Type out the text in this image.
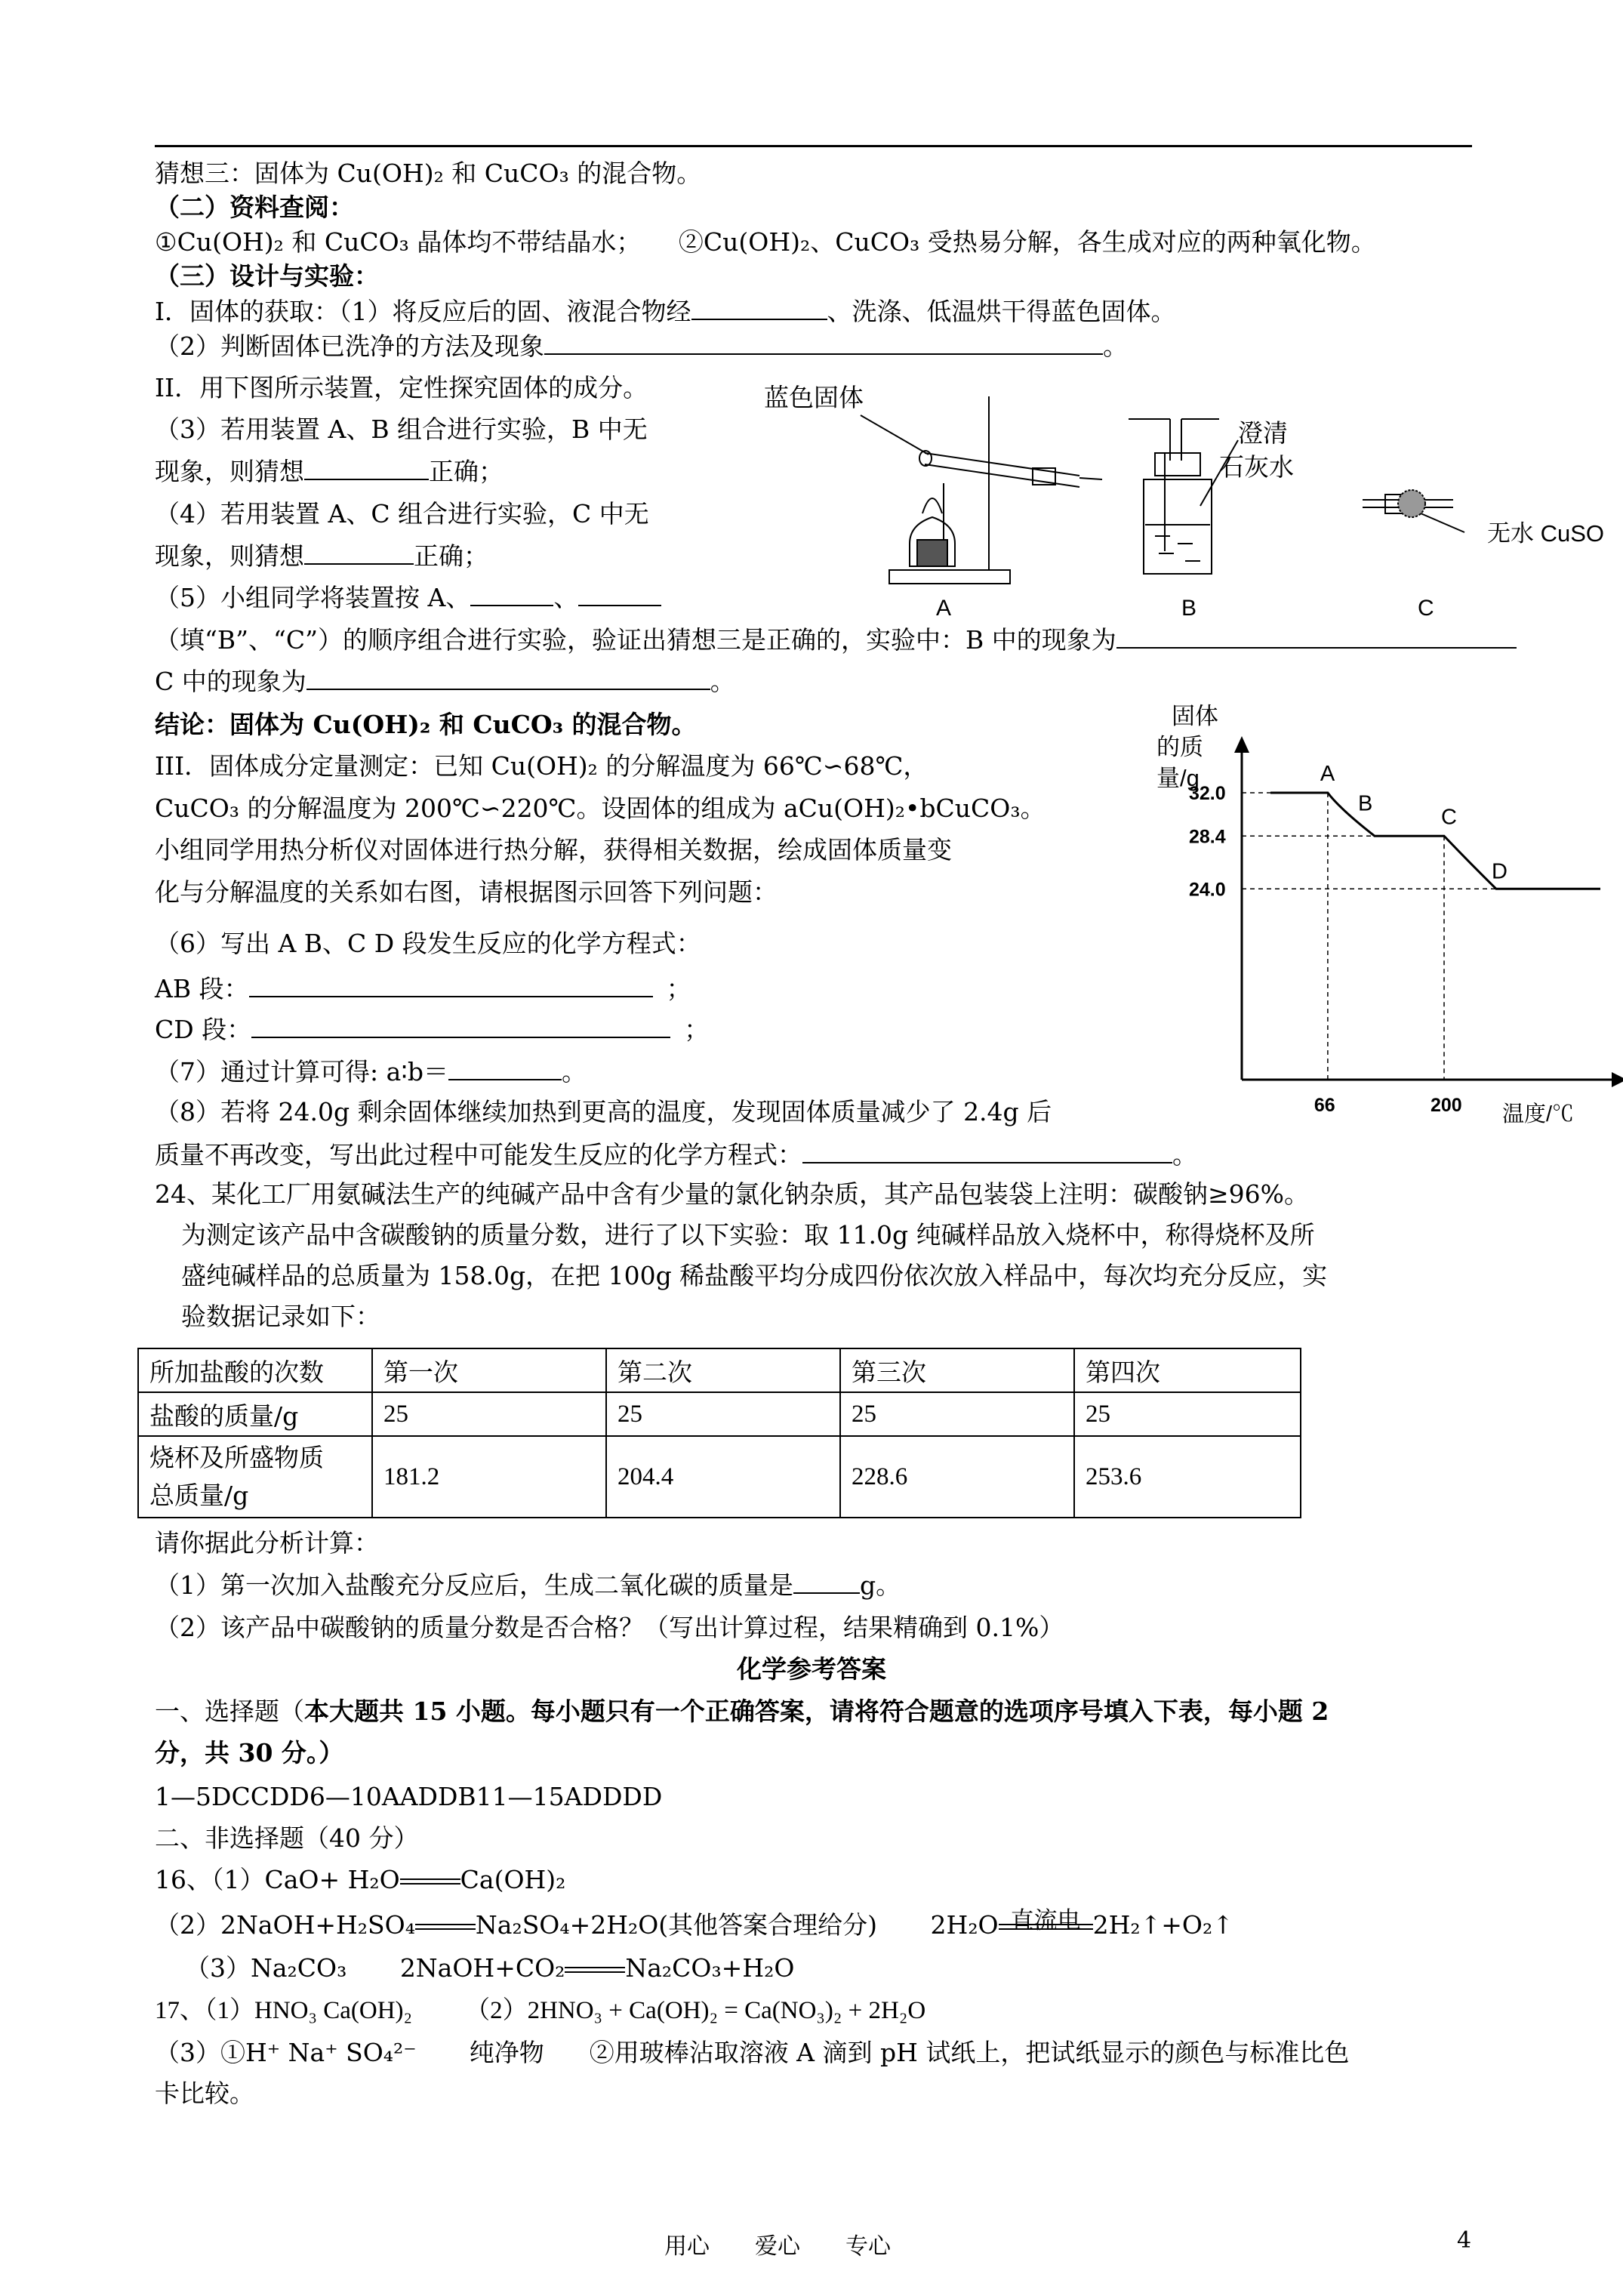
猜想三：固体为 Cu(OH)₂ 和 CuCO₃ 的混合物。
（二）资料查阅：
①Cu(OH)₂ 和 CuCO₃ 晶体均不带结晶水；　　②Cu(OH)₂、CuCO₃ 受热易分解，各生成对应的两种氧化物。
（三）设计与实验：
Ⅰ．固体的获取：（1）将反应后的固、液混合物经	、洗涤、低温烘干得蓝色固体。
（2）判断固体已洗净的方法及现象	。
II．用下图所示装置，定性探究固体的成分。
（3）若用装置 A、B 组合进行实验，B 中无
现象，则猜想	正确；
（4）若用装置 A、C 组合进行实验，C 中无
现象，则猜想	正确；
（5）小组同学将装置按 A、	、
（填“B”、“C”）的顺序组合进行实验，验证出猜想三是正确的，实验中：B 中的现象为
C 中的现象为	。
结论：固体为 Cu(OH)₂ 和 CuCO₃ 的混合物。
III．固体成分定量测定：已知 Cu(OH)₂ 的分解温度为 66℃∽68℃，
CuCO₃ 的分解温度为 200℃∽220℃。设固体的组成为 aCu(OH)₂•bCuCO₃。
小组同学用热分析仪对固体进行热分解，获得相关数据，绘成固体质量变
化与分解温度的关系如右图，请根据图示回答下列问题：
（6）写出 A B、C D 段发生反应的化学方程式：
AB 段：	；
CD 段：	；
（7）通过计算可得: a∶b＝	。
（8）若将 24.0g 剩余固体继续加热到更高的温度，发现固体质量减少了 2.4g 后
质量不再改变，写出此过程中可能发生反应的化学方程式：	。
24、某化工厂用氨碱法生产的纯碱产品中含有少量的氯化钠杂质，其产品包装袋上注明：碳酸钠≥96%。
为测定该产品中含碳酸钠的质量分数，进行了以下实验：取 11.0g 纯碱样品放入烧杯中，称得烧杯及所
盛纯碱样品的总质量为 158.0g，在把 100g 稀盐酸平均分成四份依次放入样品中，每次均充分反应，实
验数据记录如下：
所加盐酸的次数	第一次	第二次	第三次	第四次
盐酸的质量/g	25	25	25	25

烧杯及所盛物质
总质量/g	181.2	204.4	228.6	253.6
请你据此分析计算：
（1）第一次加入盐酸充分反应后，生成二氧化碳的质量是	g。
（2）该产品中碳酸钠的质量分数是否合格？（写出计算过程，结果精确到 0.1%）
化学参考答案
一、选择题（本大题共 15 小题。每小题只有一个正确答案，请将符合题意的选项序号填入下表，每小题 2
分，共 30 分。）
1—5DCCDD6—10AADDB11—15ADDDD
二、非选择题（40 分）
16、（1）CaO+ H₂O Ca(OH)₂
（2）2NaOH+H₂SO₄ Na₂SO₄+2H₂O(其他答案合理给分) 2H₂O 直流电 2H₂↑+O₂↑
（3）Na₂CO₃ 2NaOH+CO₂ Na₂CO₃+H₂O
17、（1）HNO₃ Ca(OH)₂ （2）2HNO₃ + Ca(OH)₂ = Ca(NO₃)₂ + 2H₂O
（3）①H⁺ Na⁺ SO₄²⁻ 纯净物 ②用玻棒沾取溶液 A 滴到 pH 试纸上，把试纸显示的颜色与标准比色
卡比较。
用心　　爱心　　专心	4
蓝色固体
A	B
澄清
石灰水
C
无水 CuSO
固体
的质
量/g
32.0
28.4
24.0
66	200
A
B
C
D
温度/℃
